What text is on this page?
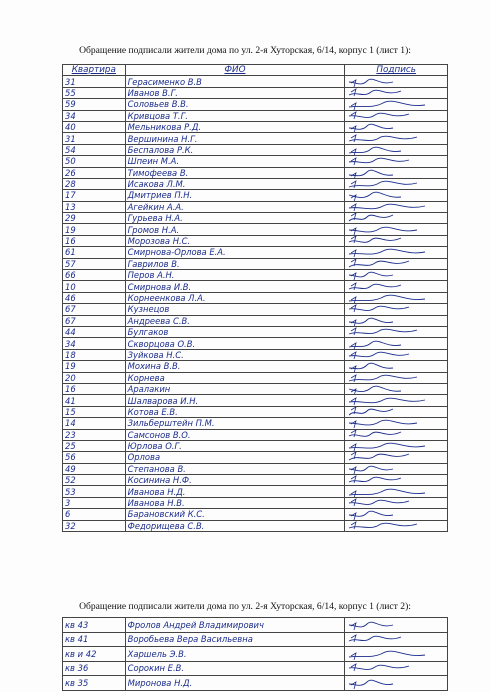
Обращение подписали жители дома по ул. 2-я Хуторская, 6/14, корпус 1 (лист 1):
Квартира	ФИО	Подпись
31	Герасименко В.В	

55	Иванов В.Г.	

59	Соловьев В.В.	

34	Кривцова Т.Г.	

40	Мельникова Р.Д.	

31	Вершинина Н.Г.	

54	Беспалова Р.К.	

50	Шпеин М.А.	

26	Тимофеева В.	

28	Исакова Л.М.	

17	Дмитриев П.Н.	

13	Агейкин А.А.	

29	Гурьева Н.А.	

19	Громов Н.А.	

16	Морозова Н.С.	

61	Смирнова-Орлова Е.А.	

57	Гаврилов В.	

66	Перов А.Н.	

10	Смирнова И.В.	

46	Корнеенкова Л.А.	

67	Кузнецов	

67	Андреева С.В.	

44	Булгаков	

34	Скворцова О.В.	

18	Зуйкова Н.С.	

19	Мохина В.В.	

20	Корнева	

16	Аралакин	

41	Шалварова И.Н.	

15	Котова Е.В.	

14	Зильберштейн П.М.	

23	Самсонов В.О.	

25	Юрлова О.Г.	

56	Орлова	

49	Степанова В.	

52	Косинина Н.Ф.	

53	Иванова Н.Д.	

3	Иванова Н.В.	

6	Барановский К.С.	

32	Федорищева С.В.	
Обращение подписали жители дома по ул. 2-я Хуторская, 6/14, корпус 1 (лист 2):
кв 43	Фролов Андрей Владимирович	

кв 41	Воробьева Вера Васильевна	

кв и 42	Харшель Э.В.	

кв 36	Сорокин Е.В.	

кв 35	Миронова Н.Д.	
